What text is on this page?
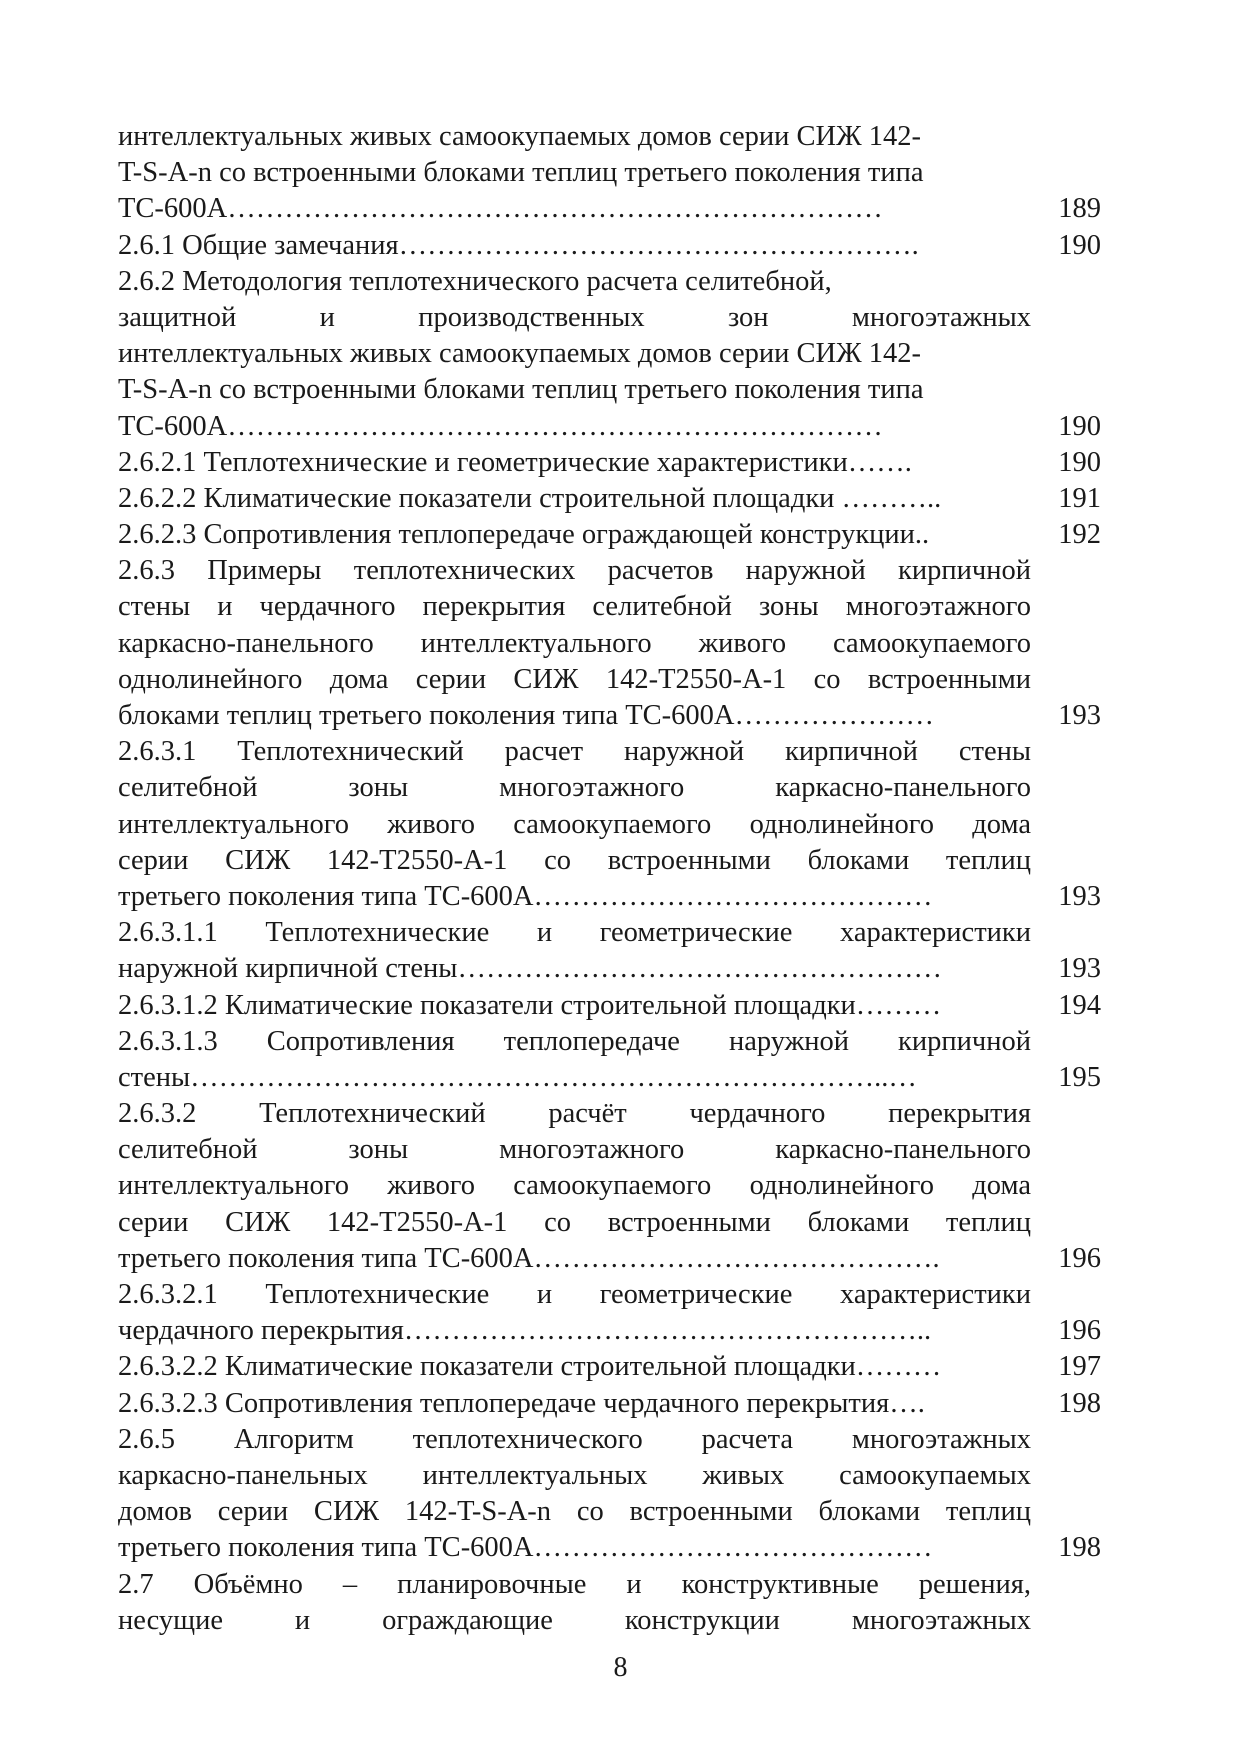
интеллектуальных живых самоокупаемых домов серии СИЖ 142-
T-S-A-n со встроенными блоками теплиц третьего поколения типа
ТС-600А……………………………………………………………	189
2.6.1 Общие замечания……………………………………………….	190
2.6.2 Методология теплотехнического расчета селитебной,
защитной и производственных зон многоэтажных
интеллектуальных живых самоокупаемых домов серии СИЖ 142-
T-S-A-n со встроенными блоками теплиц третьего поколения типа
ТС-600А……………………………………………………………	190
2.6.2.1 Теплотехнические и геометрические характеристики…….	190
2.6.2.2 Климатические показатели строительной площадки ………..	191
2.6.2.3 Сопротивления теплопередаче ограждающей конструкции..	192
2.6.3 Примеры теплотехнических расчетов наружной кирпичной
стены и чердачного перекрытия селитебной зоны многоэтажного
каркасно-панельного интеллектуального живого самоокупаемого
однолинейного дома серии СИЖ 142-T2550-A-1 со встроенными
блоками теплиц третьего поколения типа ТС-600А…………………	193
2.6.3.1 Теплотехнический расчет наружной кирпичной стены
селитебной зоны многоэтажного каркасно-панельного
интеллектуального живого самоокупаемого однолинейного дома
серии СИЖ 142-T2550-A-1 со встроенными блоками теплиц
третьего поколения типа ТС-600А……………………………………	193
2.6.3.1.1 Теплотехнические и геометрические характеристики
наружной кирпичной стены……………………………………………	193
2.6.3.1.2 Климатические показатели строительной площадки………	194
2.6.3.1.3 Сопротивления теплопередаче наружной кирпичной
стены………………………………………………………………..…	195
2.6.3.2 Теплотехнический расчёт чердачного перекрытия
селитебной зоны многоэтажного каркасно-панельного
интеллектуального живого самоокупаемого однолинейного дома
серии СИЖ 142-T2550-A-1 со встроенными блоками теплиц
третьего поколения типа ТС-600А…………………………………….	196
2.6.3.2.1 Теплотехнические и геометрические характеристики
чердачного перекрытия………………………………………………..	196
2.6.3.2.2 Климатические показатели строительной площадки………	197
2.6.3.2.3 Сопротивления теплопередаче чердачного перекрытия….	198
2.6.5 Алгоритм теплотехнического расчета многоэтажных
каркасно-панельных интеллектуальных живых самоокупаемых
домов серии СИЖ 142-T-S-A-n со встроенными блоками теплиц
третьего поколения типа ТС-600А……………………………………	198
2.7 Объёмно – планировочные и конструктивные решения,
несущие и ограждающие конструкции многоэтажных
8
